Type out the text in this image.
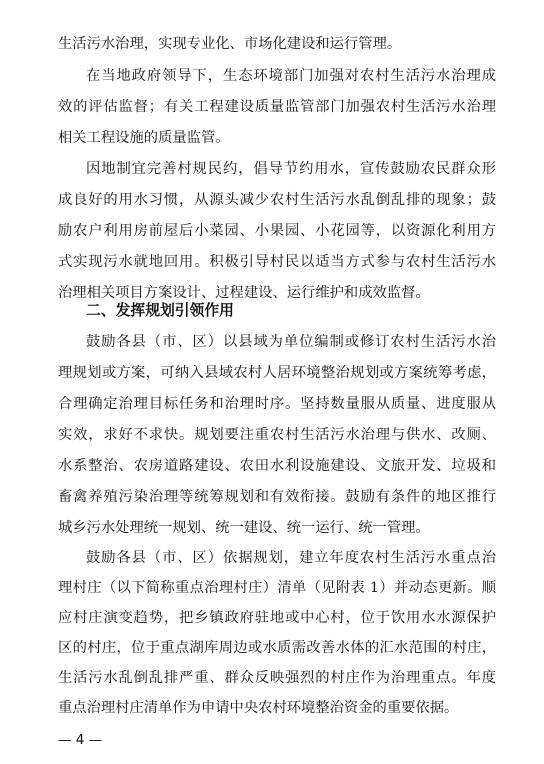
生活污水治理，实现专业化、市场化建设和运行管理。
在当地政府领导下，生态环境部门加强对农村生活污水治理成
效的评估监督；有关工程建设质量监管部门加强农村生活污水治理
相关工程设施的质量监管。
因地制宜完善村规民约，倡导节约用水，宣传鼓励农民群众形
成良好的用水习惯，从源头减少农村生活污水乱倒乱排的现象；鼓
励农户利用房前屋后小菜园、小果园、小花园等，以资源化利用方
式实现污水就地回用。积极引导村民以适当方式参与农村生活污水
治理相关项目方案设计、过程建设、运行维护和成效监督。
二、发挥规划引领作用
鼓励各县（市、区）以县域为单位编制或修订农村生活污水治
理规划或方案，可纳入县域农村人居环境整治规划或方案统筹考虑，
合理确定治理目标任务和治理时序。坚持数量服从质量、进度服从
实效，求好不求快。规划要注重农村生活污水治理与供水、改厕、
水系整治、农房道路建设、农田水利设施建设、文旅开发、垃圾和
畜禽养殖污染治理等统筹规划和有效衔接。鼓励有条件的地区推行
城乡污水处理统一规划、统一建设、统一运行、统一管理。
鼓励各县（市、区）依据规划，建立年度农村生活污水重点治
理村庄（以下简称重点治理村庄）清单（见附表 1）并动态更新。顺
应村庄演变趋势，把乡镇政府驻地或中心村，位于饮用水水源保护
区的村庄，位于重点湖库周边或水质需改善水体的汇水范围的村庄，
生活污水乱倒乱排严重、群众反映强烈的村庄作为治理重点。年度
— 4 —
重点治理村庄清单作为申请中央农村环境整治资金的重要依据。
